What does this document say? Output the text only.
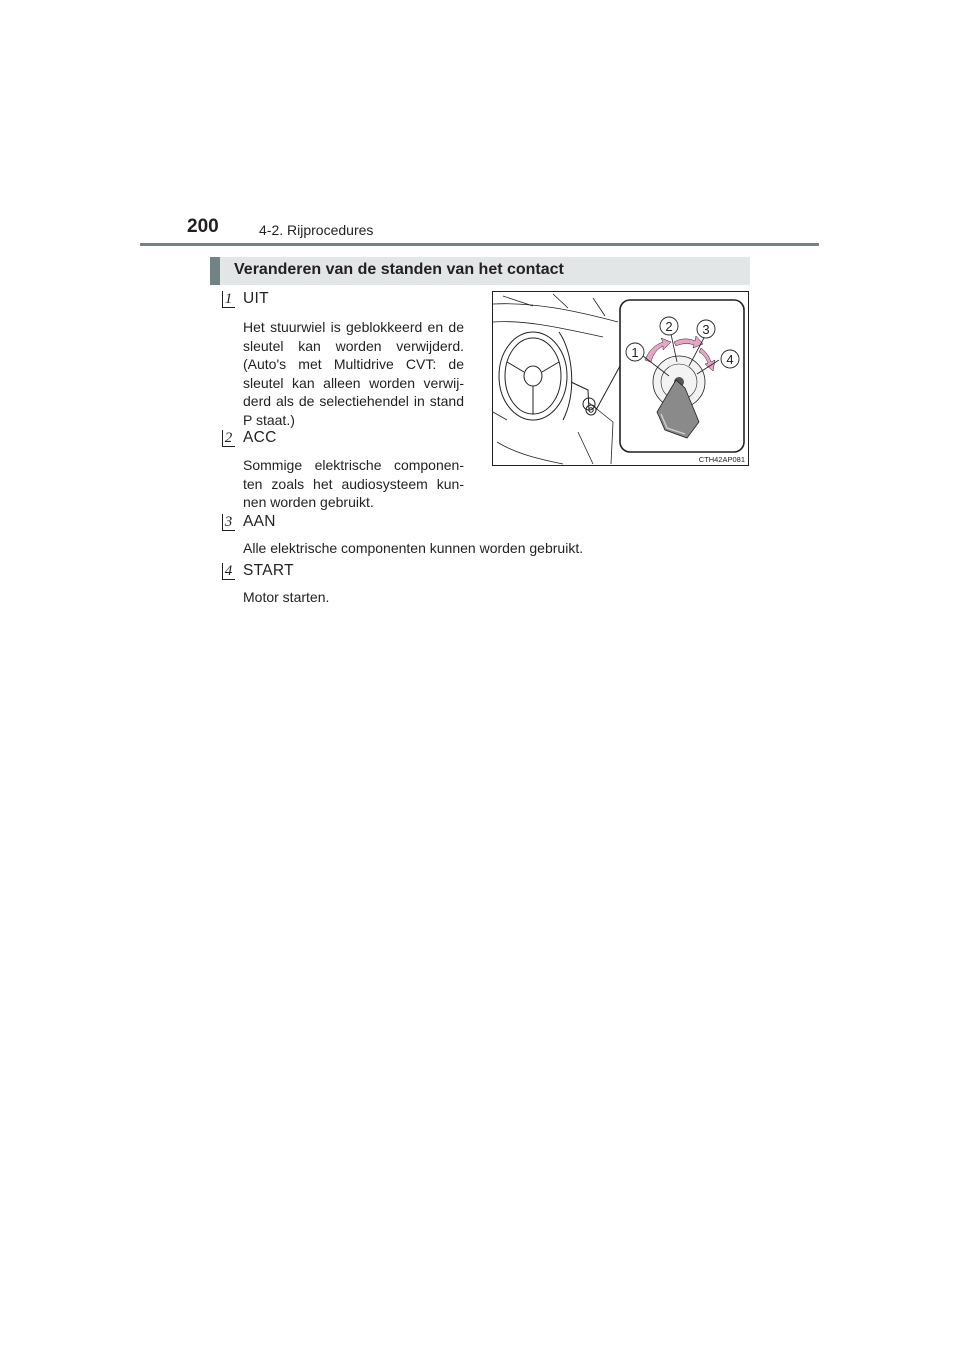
200	4-2. Rijprocedures
Veranderen van de standen van het contact
1 UIT
Het stuurwiel is geblokkeerd en de
sleutel kan worden verwijderd.
(Auto's met Multidrive CVT: de
sleutel kan alleen worden verwij-
derd als de selectiehendel in stand
P staat.)
2 ACC
Sommige elektrische componen-
ten zoals het audiosysteem kun-
nen worden gebruikt.
3 AAN
Alle elektrische componenten kunnen worden gebruikt.
4 START
Motor starten.
1
2 3
4
CTH42AP081
